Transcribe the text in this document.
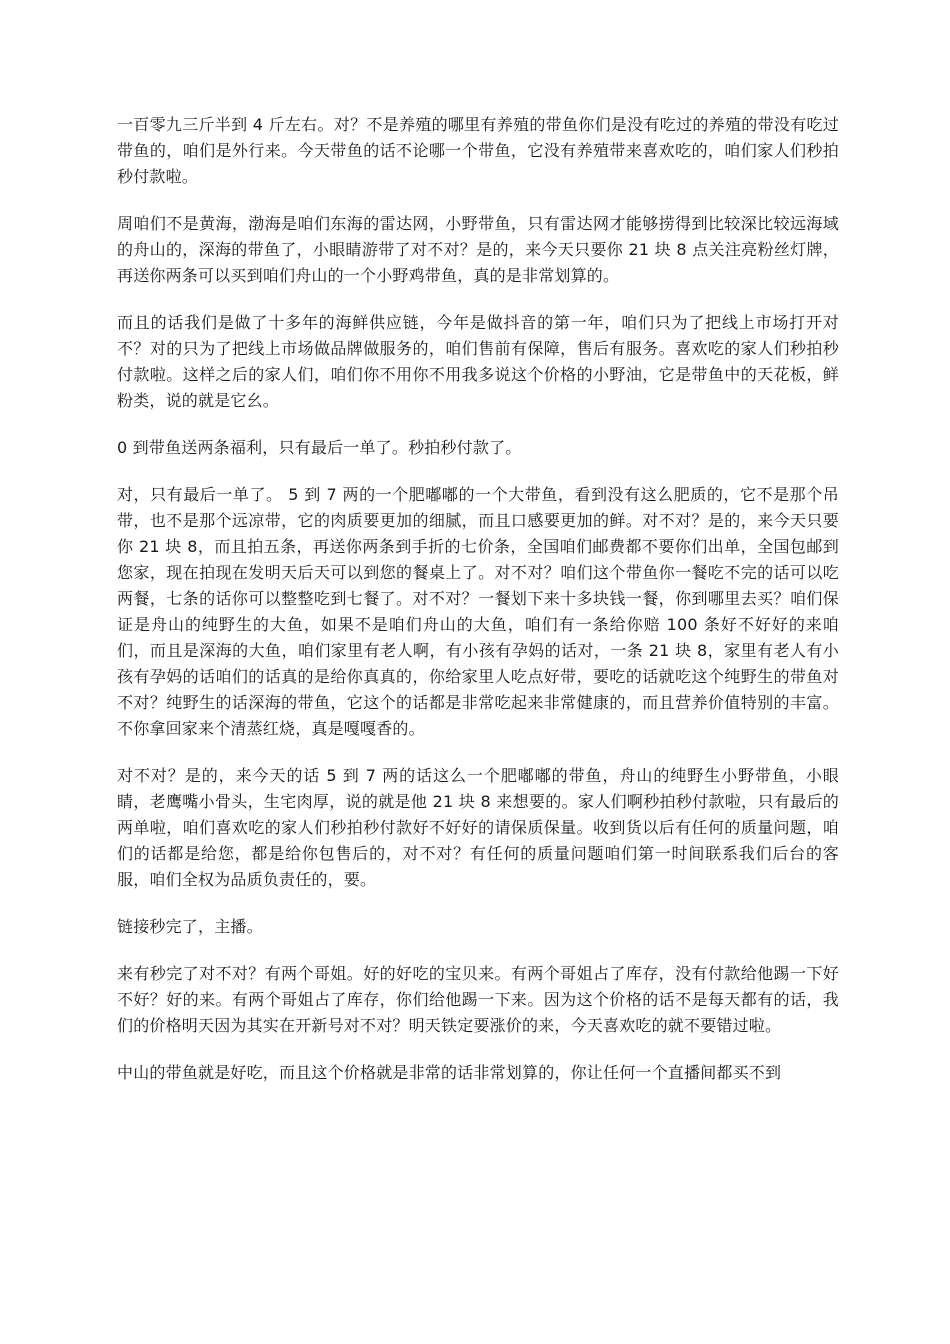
一百零九三斤半到 4 斤左右。对？不是养殖的哪里有养殖的带鱼你们是没有吃过的养殖的带没有吃过带鱼的，咱们是外行来。今天带鱼的话不论哪一个带鱼，它没有养殖带来喜欢吃的，咱们家人们秒拍秒付款啦。

周咱们不是黄海，渤海是咱们东海的雷达网，小野带鱼，只有雷达网才能够捞得到比较深比较远海域的舟山的，深海的带鱼了，小眼睛游带了对不对？是的，来今天只要你 21 块 8 点关注亮粉丝灯牌，再送你两条可以买到咱们舟山的一个小野鸡带鱼，真的是非常划算的。

而且的话我们是做了十多年的海鲜供应链，今年是做抖音的第一年，咱们只为了把线上市场打开对不？对的只为了把线上市场做品牌做服务的，咱们售前有保障，售后有服务。喜欢吃的家人们秒拍秒付款啦。这样之后的家人们，咱们你不用你不用我多说这个价格的小野油，它是带鱼中的天花板，鲜粉类，说的就是它幺。

0 到带鱼送两条福利，只有最后一单了。秒拍秒付款了。

对，只有最后一单了。 5 到 7 两的一个肥嘟嘟的一个大带鱼，看到没有这么肥质的，它不是那个吊带，也不是那个远凉带，它的肉质要更加的细腻，而且口感要更加的鲜。对不对？是的，来今天只要你 21 块 8，而且拍五条，再送你两条到手折的七价条，全国咱们邮费都不要你们出单，全国包邮到您家，现在拍现在发明天后天可以到您的餐桌上了。对不对？咱们这个带鱼你一餐吃不完的话可以吃两餐，七条的话你可以整整吃到七餐了。对不对？一餐划下来十多块钱一餐，你到哪里去买？咱们保证是舟山的纯野生的大鱼，如果不是咱们舟山的大鱼，咱们有一条给你赔 100 条好不好好的来咱们，而且是深海的大鱼，咱们家里有老人啊，有小孩有孕妈的话对，一条 21 块 8，家里有老人有小孩有孕妈的话咱们的话真的是给你真真的，你给家里人吃点好带，要吃的话就吃这个纯野生的带鱼对不对？纯野生的话深海的带鱼，它这个的话都是非常吃起来非常健康的，而且营养价值特别的丰富。不你拿回家来个清蒸红烧，真是嘎嘎香的。

对不对？是的，来今天的话 5 到 7 两的话这么一个肥嘟嘟的带鱼，舟山的纯野生小野带鱼，小眼睛，老鹰嘴小骨头，生宅肉厚，说的就是他 21 块 8 来想要的。家人们啊秒拍秒付款啦，只有最后的两单啦，咱们喜欢吃的家人们秒拍秒付款好不好好的请保质保量。收到货以后有任何的质量问题，咱们的话都是给您，都是给你包售后的，对不对？有任何的质量问题咱们第一时间联系我们后台的客服，咱们全权为品质负责任的，要。

链接秒完了，主播。

来有秒完了对不对？有两个哥姐。好的好吃的宝贝来。有两个哥姐占了库存，没有付款给他踢一下好不好？好的来。有两个哥姐占了库存，你们给他踢一下来。因为这个价格的话不是每天都有的话，我们的价格明天因为其实在开新号对不对？明天铁定要涨价的来，今天喜欢吃的就不要错过啦。

中山的带鱼就是好吃，而且这个价格就是非常的话非常划算的，你让任何一个直播间都买不到
